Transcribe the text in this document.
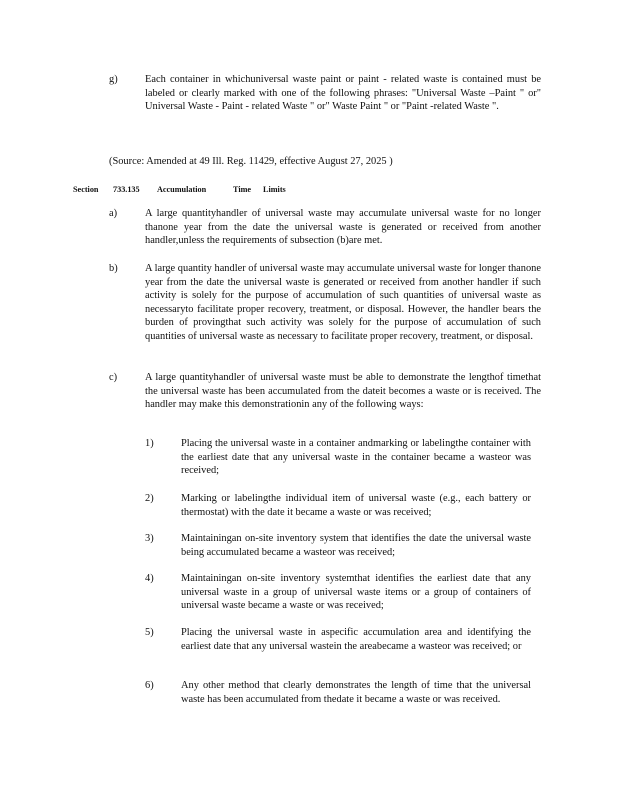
g)	Each container in whichuniversal waste paint or paint - related waste is contained must be labeled or clearly marked with one of the following phrases: "Universal Waste –Paint " or" Universal Waste - Paint - related Waste " or" Waste Paint " or "Paint -related Waste ".
(Source: Amended at 49 Ill. Reg. 11429, effective August 27, 2025 )
Section 733.135 Accumulation	Time Limits
a)	A large quantityhandler of universal waste may accumulate universal waste for no longer thanone year from the date the universal waste is generated or received from another handler,unless the requirements of subsection (b)are met.
b)	A large quantity handler of universal waste may accumulate universal waste for longer thanone year from the date the universal waste is generated or received from another handler if such activity is solely for the purpose of accumulation of such quantities of universal waste as necessaryto facilitate proper recovery, treatment, or disposal. However, the handler bears the burden of provingthat such activity was solely for the purpose of accumulation of such quantities of universal waste as necessary to facilitate proper recovery, treatment, or disposal.
c)	A large quantityhandler of universal waste must be able to demonstrate the lengthof timethat the universal waste has been accumulated from the dateit becomes a waste or is received. The handler may make this demonstrationin any of the following ways:
1)	Placing the universal waste in a container andmarking or labelingthe container with the earliest date that any universal waste in the container became a wasteor was received;
2)	Marking or labelingthe individual item of universal waste (e.g., each battery or thermostat) with the date it became a waste or was received;
3)	Maintainingan on-site inventory system that identifies the date the universal waste being accumulated became a wasteor was received;
4)	Maintainingan on-site inventory systemthat identifies the earliest date that any universal waste in a group of universal waste items or a group of containers of universal waste became a waste or was received;
5)	Placing the universal waste in aspecific accumulation area and identifying the earliest date that any universal wastein the areabecame a wasteor was received; or
6)	Any other method that clearly demonstrates the length of time that the universal waste has been accumulated from thedate it became a waste or was received.
